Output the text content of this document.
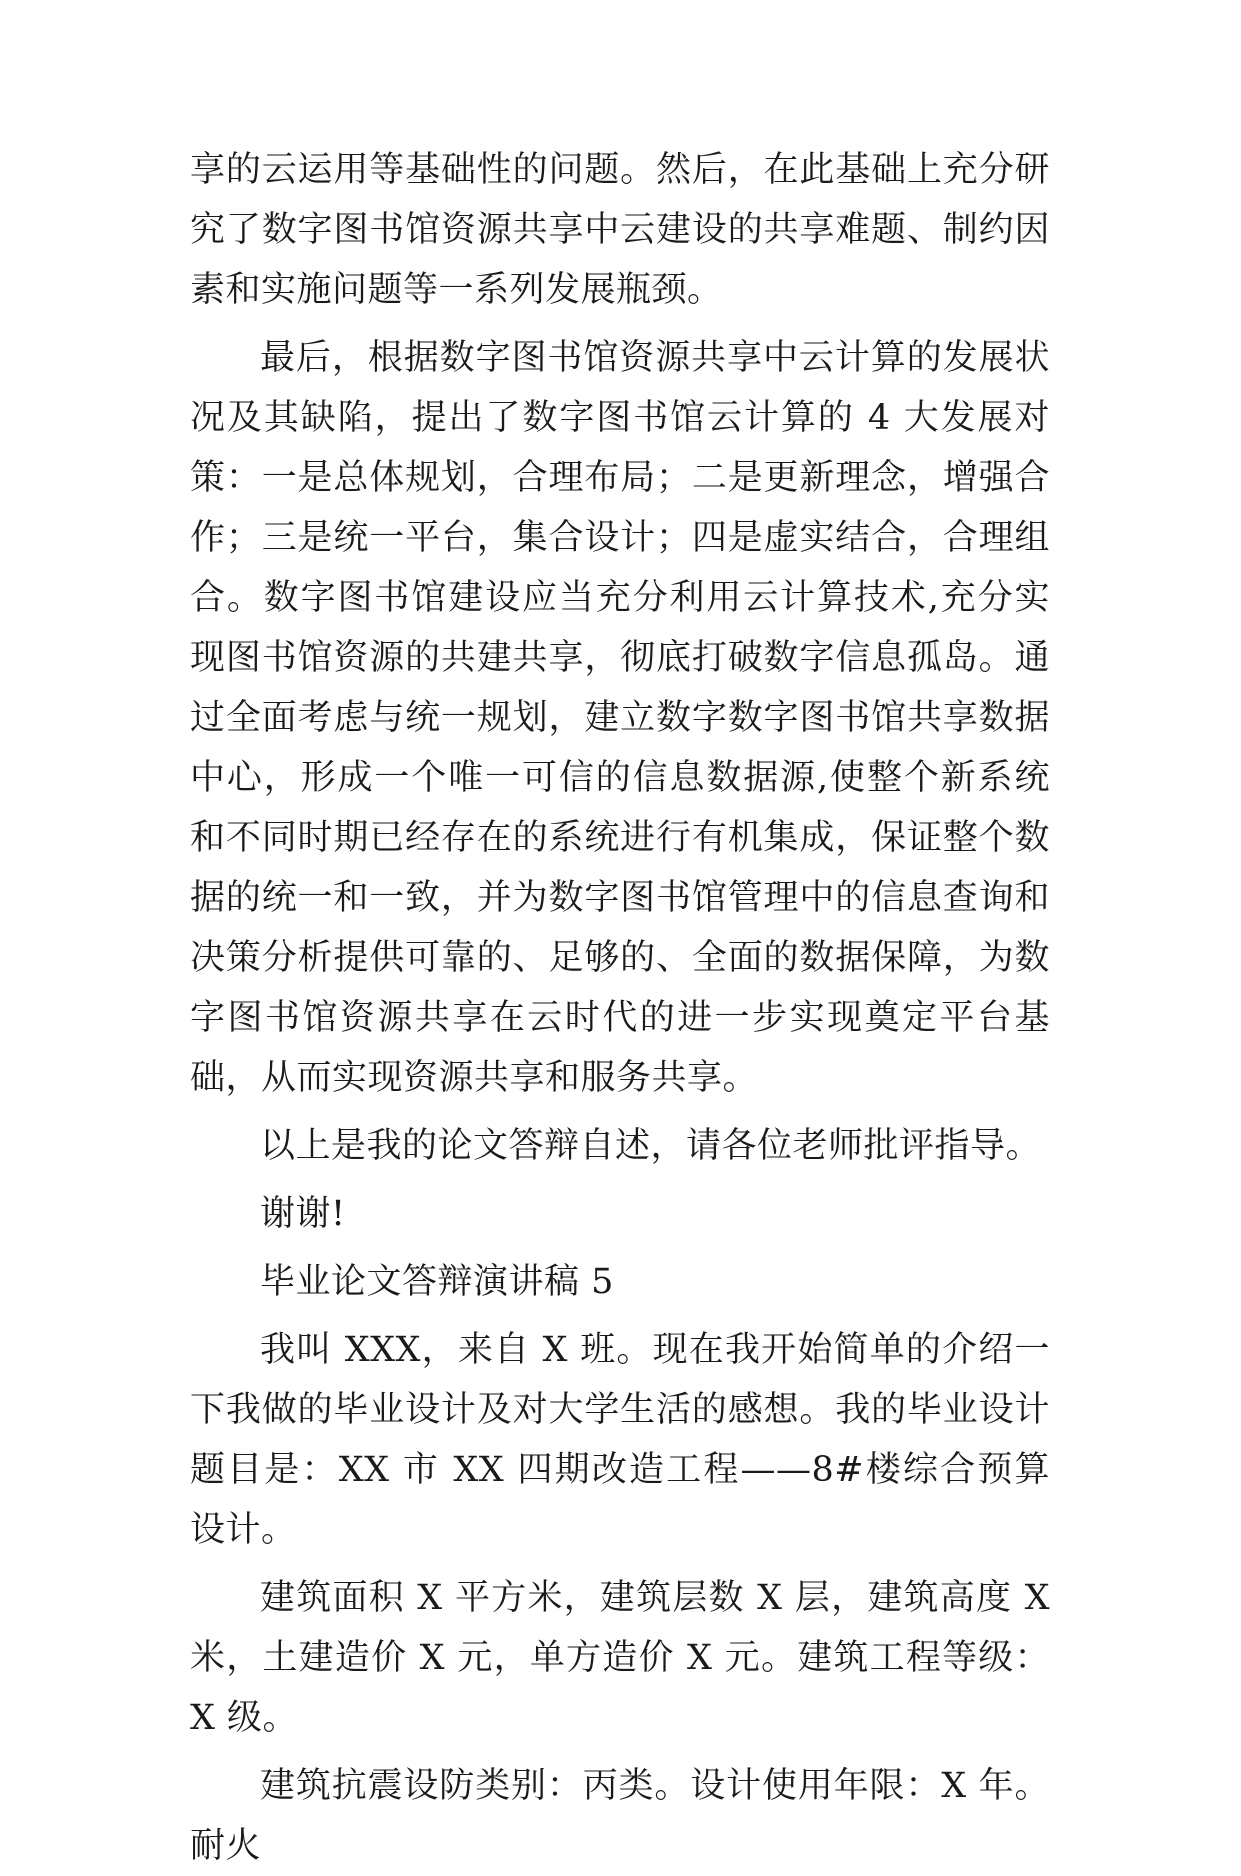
享的云运用等基础性的问题。然后，在此基础上充分研究了数字图书馆资源共享中云建设的共享难题、制约因素和实施问题等一系列发展瓶颈。

最后，根据数字图书馆资源共享中云计算的发展状况及其缺陷，提出了数字图书馆云计算的 4 大发展对策：一是总体规划，合理布局；二是更新理念，增强合作；三是统一平台，集合设计；四是虚实结合，合理组合。数字图书馆建设应当充分利用云计算技术,充分实现图书馆资源的共建共享，彻底打破数字信息孤岛。通过全面考虑与统一规划，建立数字数字图书馆共享数据中心，形成一个唯一可信的信息数据源,使整个新系统和不同时期已经存在的系统进行有机集成，保证整个数据的统一和一致，并为数字图书馆管理中的信息查询和决策分析提供可靠的、足够的、全面的数据保障，为数字图书馆资源共享在云时代的进一步实现奠定平台基础，从而实现资源共享和服务共享。

以上是我的论文答辩自述，请各位老师批评指导。

谢谢!

毕业论文答辩演讲稿 5

我叫 XXX，来自 X 班。现在我开始简单的介绍一下我做的毕业设计及对大学生活的感想。我的毕业设计题目是：XX 市 XX 四期改造工程——8#楼综合预算设计。

建筑面积 X 平方米，建筑层数 X 层，建筑高度 X 米，土建造价 X 元，单方造价 X 元。建筑工程等级：X 级。

建筑抗震设防类别：丙类。设计使用年限：X 年。耐火
